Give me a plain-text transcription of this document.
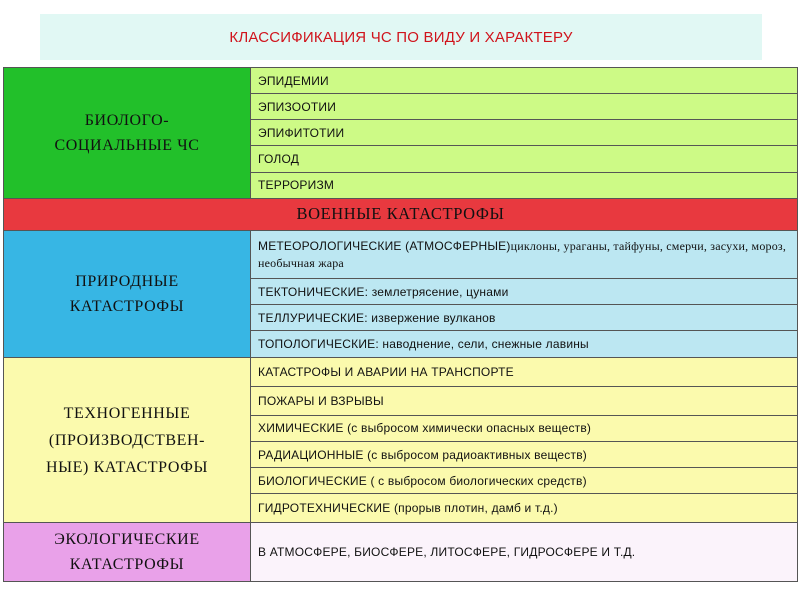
КЛАССИФИКАЦИЯ ЧС ПО ВИДУ И ХАРАКТЕРУ
БИОЛОГО-
СОЦИАЛЬНЫЕ ЧС	ЭПИДЕМИИ
	ЭПИЗООТИИ
	ЭПИФИТОТИИ
	ГОЛОД
	ТЕРРОРИЗМ
ВОЕННЫЕ КАТАСТРОФЫ	
ПРИРОДНЫЕ
КАТАСТРОФЫ	МЕТЕОРОЛОГИЧЕСКИЕ (АТМОСФЕРНЫЕ)циклоны, ураганы, тайфуны, смерчи, засухи, мороз, необычная жара
	ТЕКТОНИЧЕСКИЕ: землетрясение, цунами
	ТЕЛЛУРИЧЕСКИЕ: извержение вулканов
	ТОПОЛОГИЧЕСКИЕ: наводнение, сели, снежные лавины
ТЕХНОГЕННЫЕ
(ПРОИЗВОДСТВЕН-
НЫЕ) КАТАСТРОФЫ	КАТАСТРОФЫ И АВАРИИ НА ТРАНСПОРТЕ
	ПОЖАРЫ И ВЗРЫВЫ
	ХИМИЧЕСКИЕ (с выбросом химически опасных веществ)
	РАДИАЦИОННЫЕ (с выбросом радиоактивных веществ)
	БИОЛОГИЧЕСКИЕ ( с выбросом биологических средств)
	ГИДРОТЕХНИЧЕСКИЕ (прорыв плотин, дамб и т.д.)
ЭКОЛОГИЧЕСКИЕ
КАТАСТРОФЫ	В АТМОСФЕРЕ, БИОСФЕРЕ, ЛИТОСФЕРЕ, ГИДРОСФЕРЕ И Т.Д.
